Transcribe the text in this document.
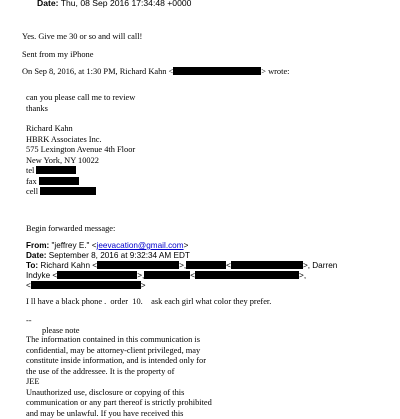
Date: Thu, 08 Sep 2016 17:34:48 +0000
Yes. Give me 30 or so and will call!
Sent from my iPhone
On Sep 8, 2016, at 1:30 PM, Richard Kahn <	> wrote:
can you please call me to review
thanks
Richard Kahn
HBRK Associates Inc.
575 Lexington Avenue 4th Floor
New York, NY 10022
tel
fax
cell
Begin forwarded message:
From: "jeffrey E." <jeevacation@gmail.com>
Date: September 8, 2016 at 9:32:34 AM EDT
To: Richard Kahn <	>,	<	>, Darren
Indyke <	>,	<	>,
<	>
I ll have a black phone .  order  10.    ask each girl what color they prefer.
--
please note
The information contained in this communication is
confidential, may be attorney-client privileged, may
constitute inside information, and is intended only for
the use of the addressee. It is the property of
JEE
Unauthorized use, disclosure or copying of this
communication or any part thereof is strictly prohibited
and may be unlawful. If you have received this
